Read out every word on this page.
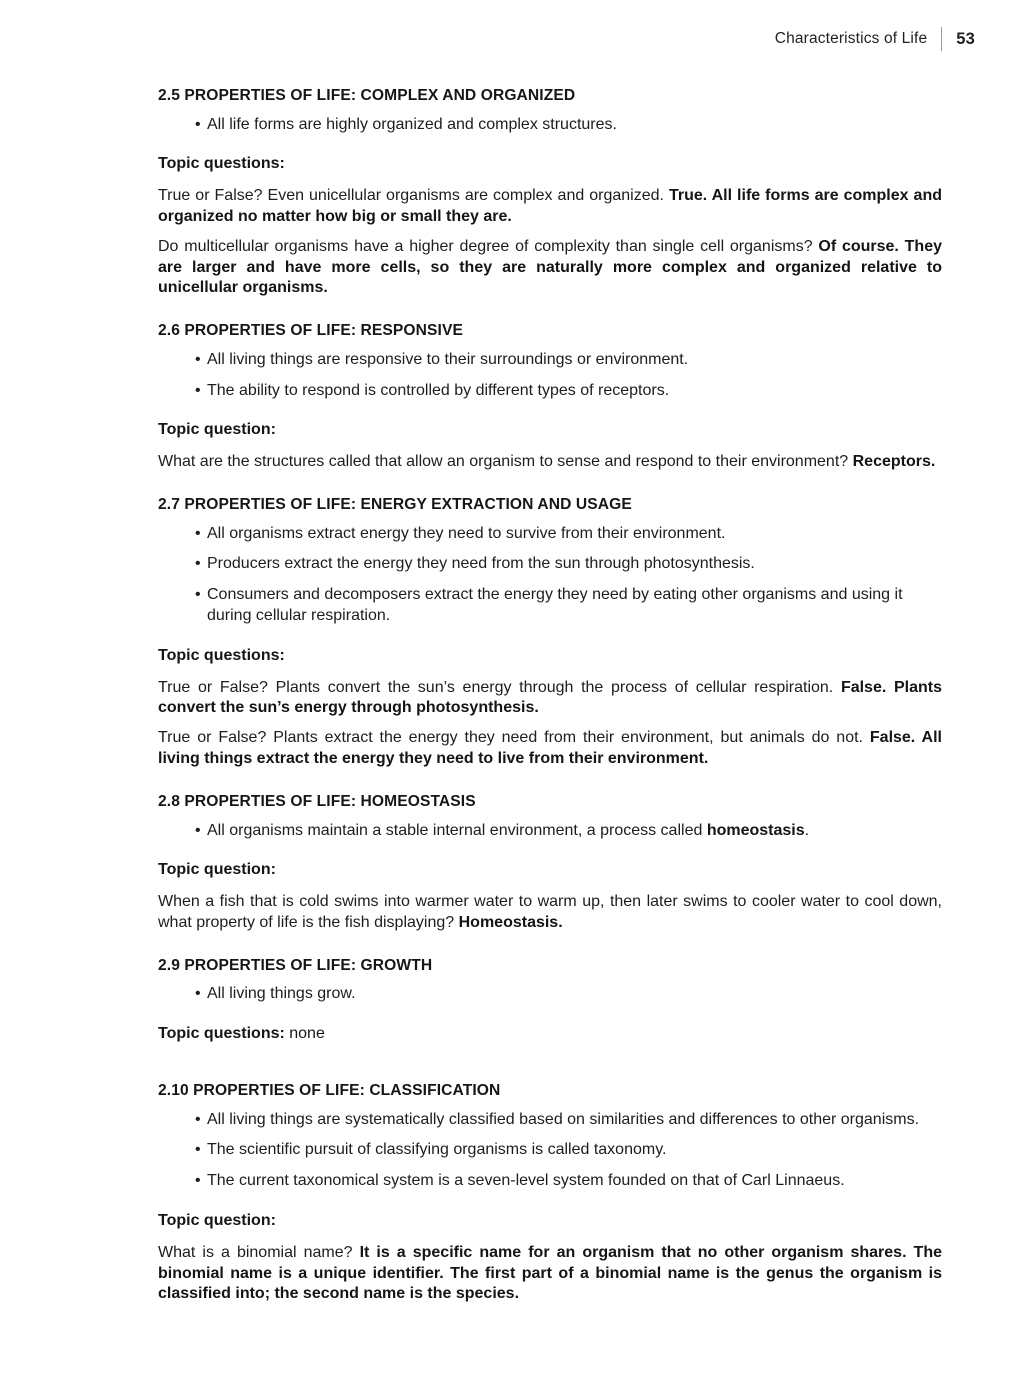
Characteristics of Life 53
2.5 PROPERTIES OF LIFE: COMPLEX AND ORGANIZED
• All life forms are highly organized and complex structures.

Topic questions:

True or False? Even unicellular organisms are complex and organized. True. All life forms are complex and organized no matter how big or small they are.

Do multicellular organisms have a higher degree of complexity than single cell organisms? Of course. They are larger and have more cells, so they are naturally more complex and organized relative to unicellular organisms.

2.6 PROPERTIES OF LIFE: RESPONSIVE
• All living things are responsive to their surroundings or environment.
• The ability to respond is controlled by different types of receptors.

Topic question:

What are the structures called that allow an organism to sense and respond to their environment? Receptors.

2.7 PROPERTIES OF LIFE: ENERGY EXTRACTION AND USAGE
• All organisms extract energy they need to survive from their environment.
• Producers extract the energy they need from the sun through photosynthesis.
• Consumers and decomposers extract the energy they need by eating other organisms and using it during cellular respiration.

Topic questions:

True or False? Plants convert the sun’s energy through the process of cellular respiration. False. Plants convert the sun’s energy through photosynthesis.

True or False? Plants extract the energy they need from their environment, but animals do not. False. All living things extract the energy they need to live from their environment.

2.8 PROPERTIES OF LIFE: HOMEOSTASIS
• All organisms maintain a stable internal environment, a process called homeostasis.

Topic question:

When a fish that is cold swims into warmer water to warm up, then later swims to cooler water to cool down, what property of life is the fish displaying? Homeostasis.

2.9 PROPERTIES OF LIFE: GROWTH
• All living things grow.

Topic questions: none

2.10 PROPERTIES OF LIFE: CLASSIFICATION
• All living things are systematically classified based on similarities and differences to other organisms.
• The scientific pursuit of classifying organisms is called taxonomy.
• The current taxonomical system is a seven-level system founded on that of Carl Linnaeus.

Topic question:

What is a binomial name? It is a specific name for an organism that no other organism shares. The binomial name is a unique identifier. The first part of a binomial name is the genus the organism is classified into; the second name is the species.
